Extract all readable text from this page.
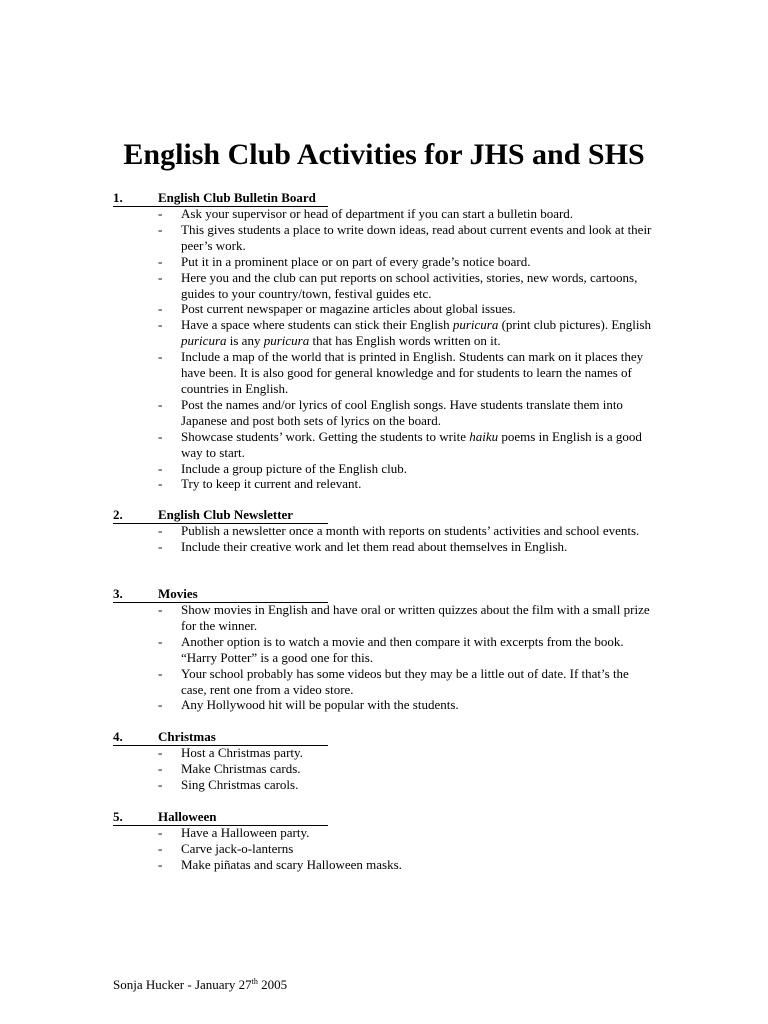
English Club Activities for JHS and SHS
1.	English Club Bulletin Board
- Ask your supervisor or head of department if you can start a bulletin board.
- This gives students a place to write down ideas, read about current events and look at their peer’s work.
- Put it in a prominent place or on part of every grade’s notice board.
- Here you and the club can put reports on school activities, stories, new words, cartoons, guides to your country/town, festival guides etc.
- Post current newspaper or magazine articles about global issues.
- Have a space where students can stick their English puricura (print club pictures). English puricura is any puricura that has English words written on it.
- Include a map of the world that is printed in English. Students can mark on it places they have been. It is also good for general knowledge and for students to learn the names of countries in English.
- Post the names and/or lyrics of cool English songs. Have students translate them into Japanese and post both sets of lyrics on the board.
- Showcase students’ work. Getting the students to write haiku poems in English is a good way to start.
- Include a group picture of the English club.
- Try to keep it current and relevant.
2.	English Club Newsletter
- Publish a newsletter once a month with reports on students’ activities and school events.
- Include their creative work and let them read about themselves in English.
3.	Movies
- Show movies in English and have oral or written quizzes about the film with a small prize for the winner.
- Another option is to watch a movie and then compare it with excerpts from the book. “Harry Potter” is a good one for this.
- Your school probably has some videos but they may be a little out of date. If that’s the case, rent one from a video store.
- Any Hollywood hit will be popular with the students.
4.	Christmas
- Host a Christmas party.
- Make Christmas cards.
- Sing Christmas carols.
5.	Halloween
- Have a Halloween party.
- Carve jack-o-lanterns
- Make piñatas and scary Halloween masks.
Sonja Hucker - January 27th 2005
